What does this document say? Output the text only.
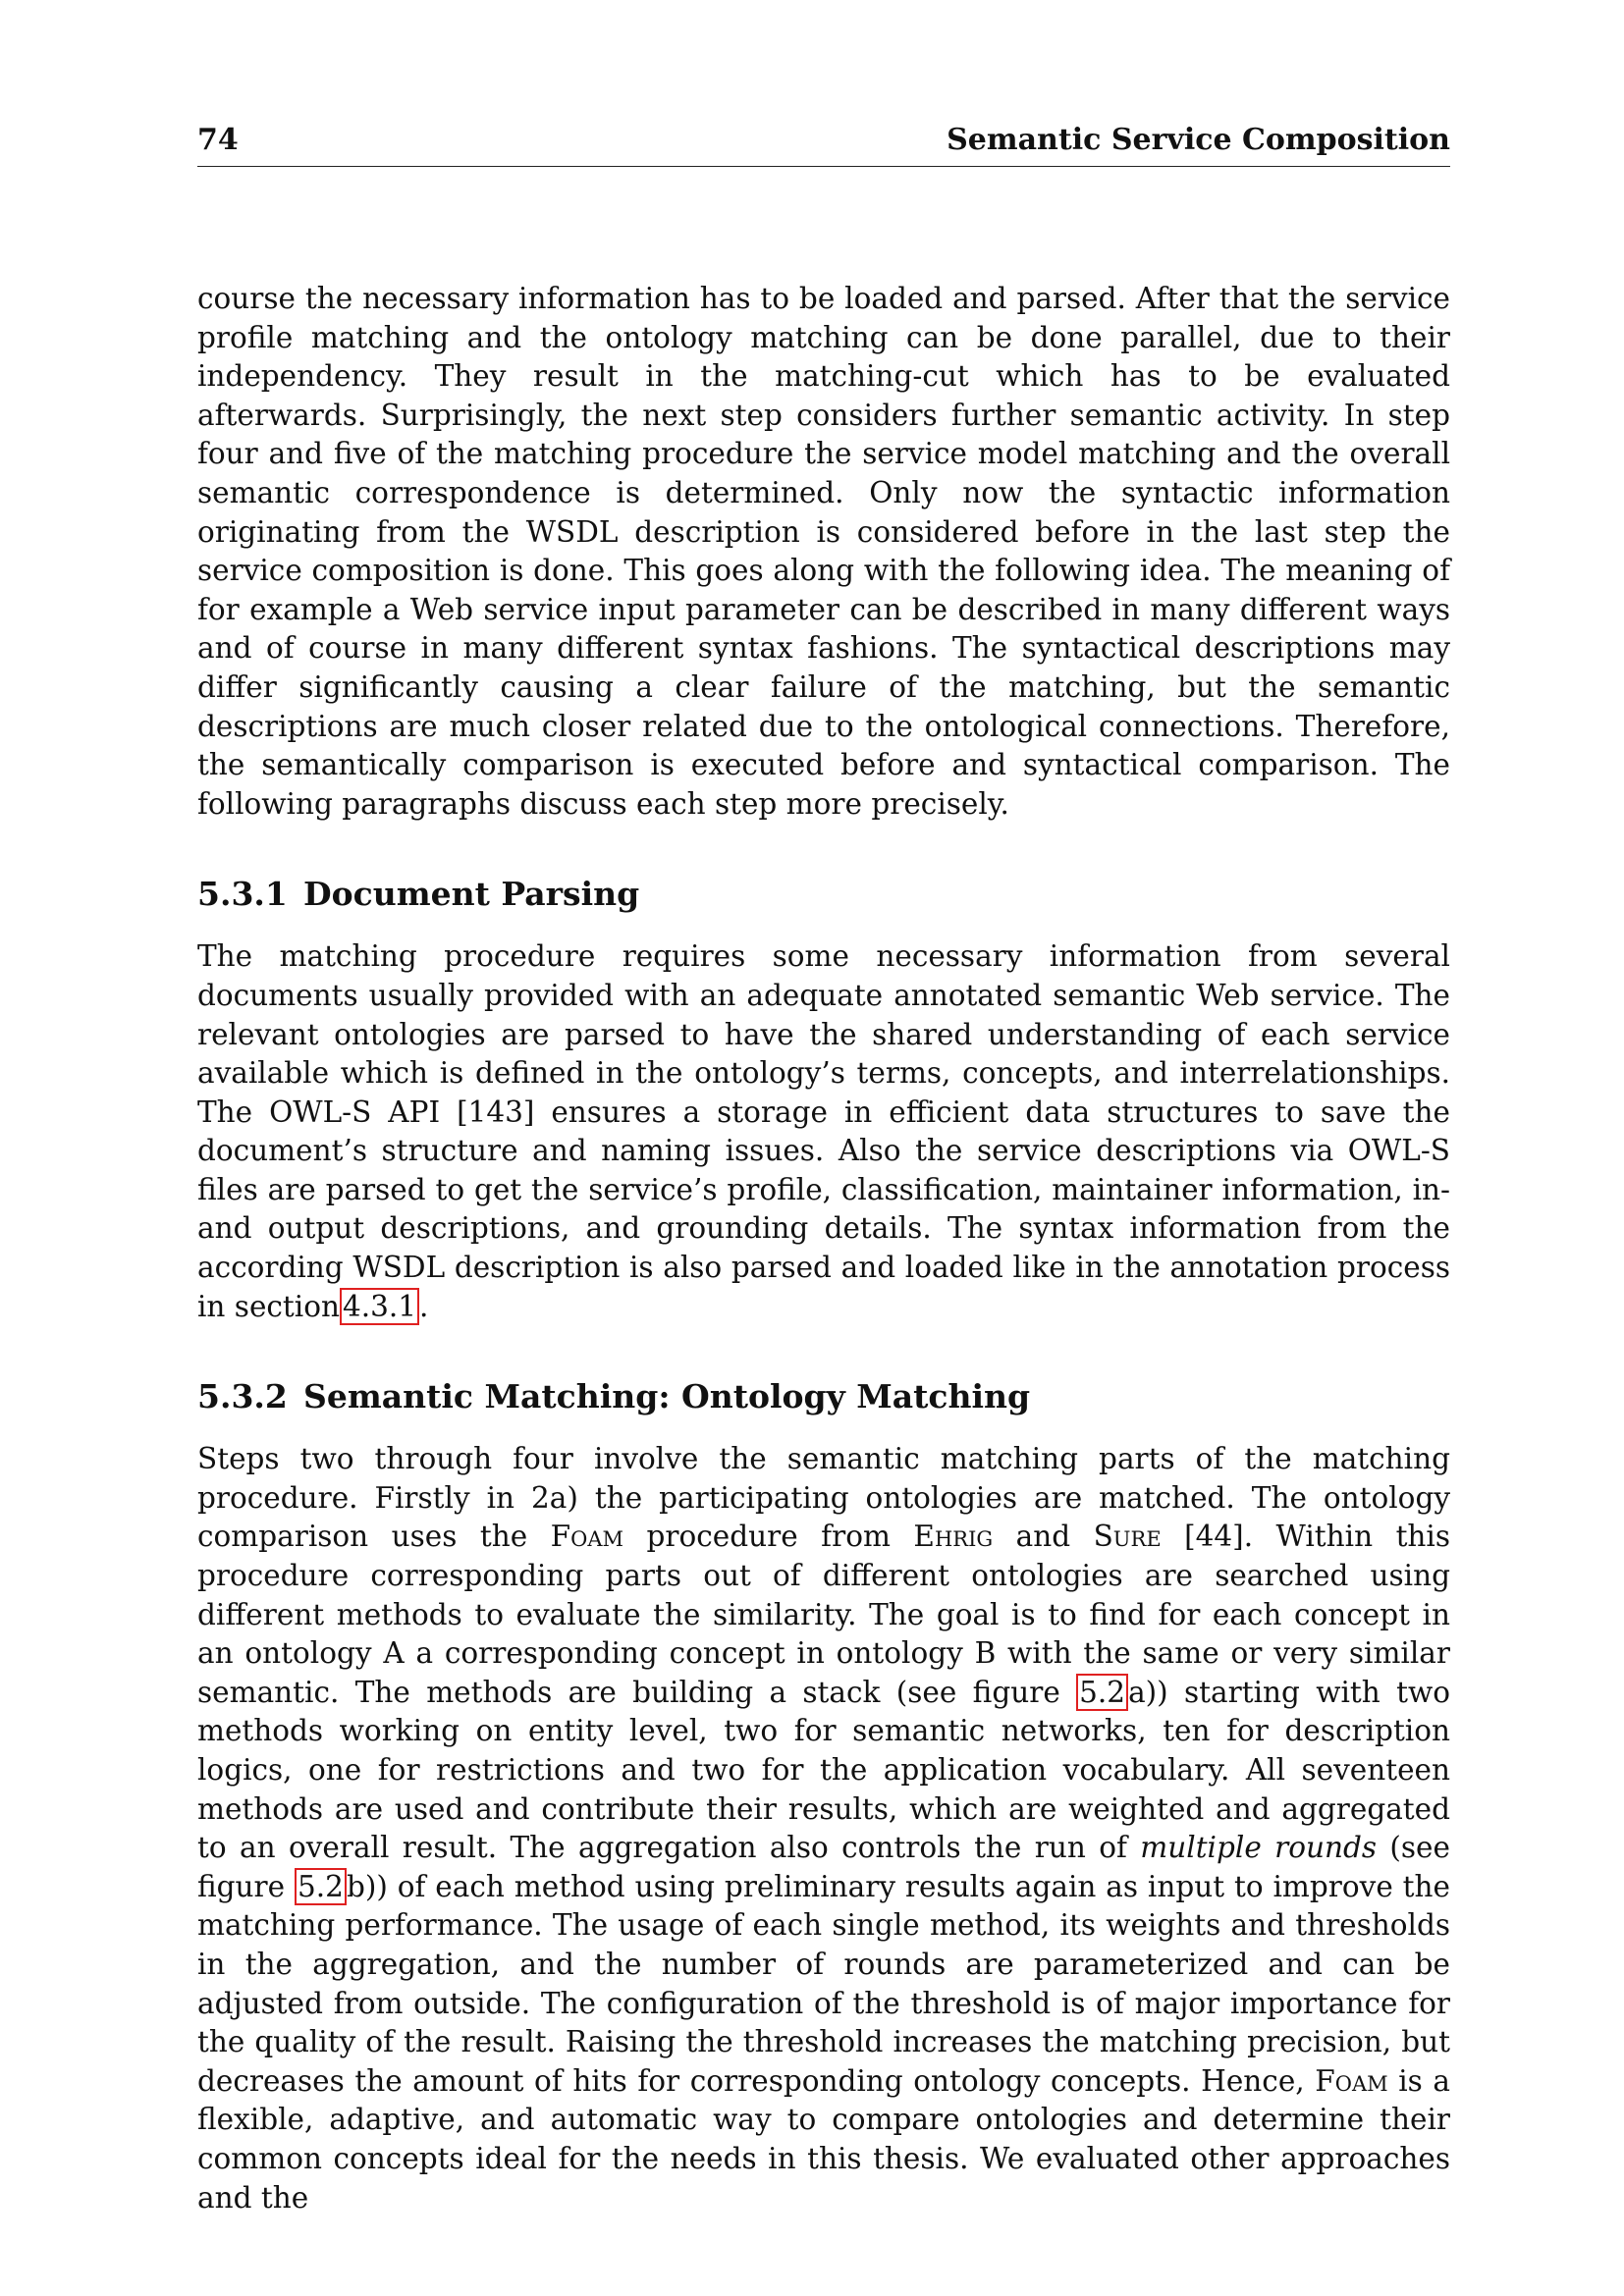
74	Semantic Service Composition

course the necessary information has to be loaded and parsed. After that the service profile matching and the ontology matching can be done parallel, due to their independency. They result in the matching-cut which has to be evaluated afterwards. Surprisingly, the next step considers further semantic activity. In step four and five of the matching procedure the service model matching and the overall semantic correspondence is determined. Only now the syntactic information originating from the WSDL description is considered before in the last step the service composition is done. This goes along with the following idea. The meaning of for example a Web service input parameter can be described in many different ways and of course in many different syntax fashions. The syntactical descriptions may differ significantly causing a clear failure of the matching, but the semantic descriptions are much closer related due to the ontological connections. Therefore, the semantically comparison is executed before and syntactical comparison. The following paragraphs discuss each step more precisely.

5.3.1 Document Parsing

The matching procedure requires some necessary information from several documents usually provided with an adequate annotated semantic Web service. The relevant ontologies are parsed to have the shared understanding of each service available which is defined in the ontology’s terms, concepts, and interrelationships. The OWL-S API [143] ensures a storage in efficient data structures to save the document’s structure and naming issues. Also the service descriptions via OWL-S files are parsed to get the service’s profile, classification, maintainer information, in- and output descriptions, and grounding details. The syntax information from the according WSDL description is also parsed and loaded like in the annotation process in section 4.3.1 .

5.3.2 Semantic Matching: Ontology Matching

Steps two through four involve the semantic matching parts of the matching procedure. Firstly in 2a) the participating ontologies are matched. The ontology comparison uses the Foam procedure from Ehrig and Sure [44]. Within this procedure corresponding parts out of different ontologies are searched using different methods to evaluate the similarity. The goal is to find for each concept in an ontology A a corresponding concept in ontology B with the same or very similar semantic. The methods are building a stack (see figure 5.2 a)) starting with two methods working on entity level, two for semantic networks, ten for description logics, one for restrictions and two for the application vocabulary. All seventeen methods are used and contribute their results, which are weighted and aggregated to an overall result. The aggregation also controls the run of multiple rounds (see figure 5.2 b)) of each method using preliminary results again as input to improve the matching performance. The usage of each single method, its weights and thresholds in the aggregation, and the number of rounds are parameterized and can be adjusted from outside. The configuration of the threshold is of major importance for the quality of the result. Raising the threshold increases the matching precision, but decreases the amount of hits for corresponding ontology concepts. Hence, Foam is a flexible, adaptive, and automatic way to compare ontologies and determine their common concepts ideal for the needs in this thesis. We evaluated other approaches and the
